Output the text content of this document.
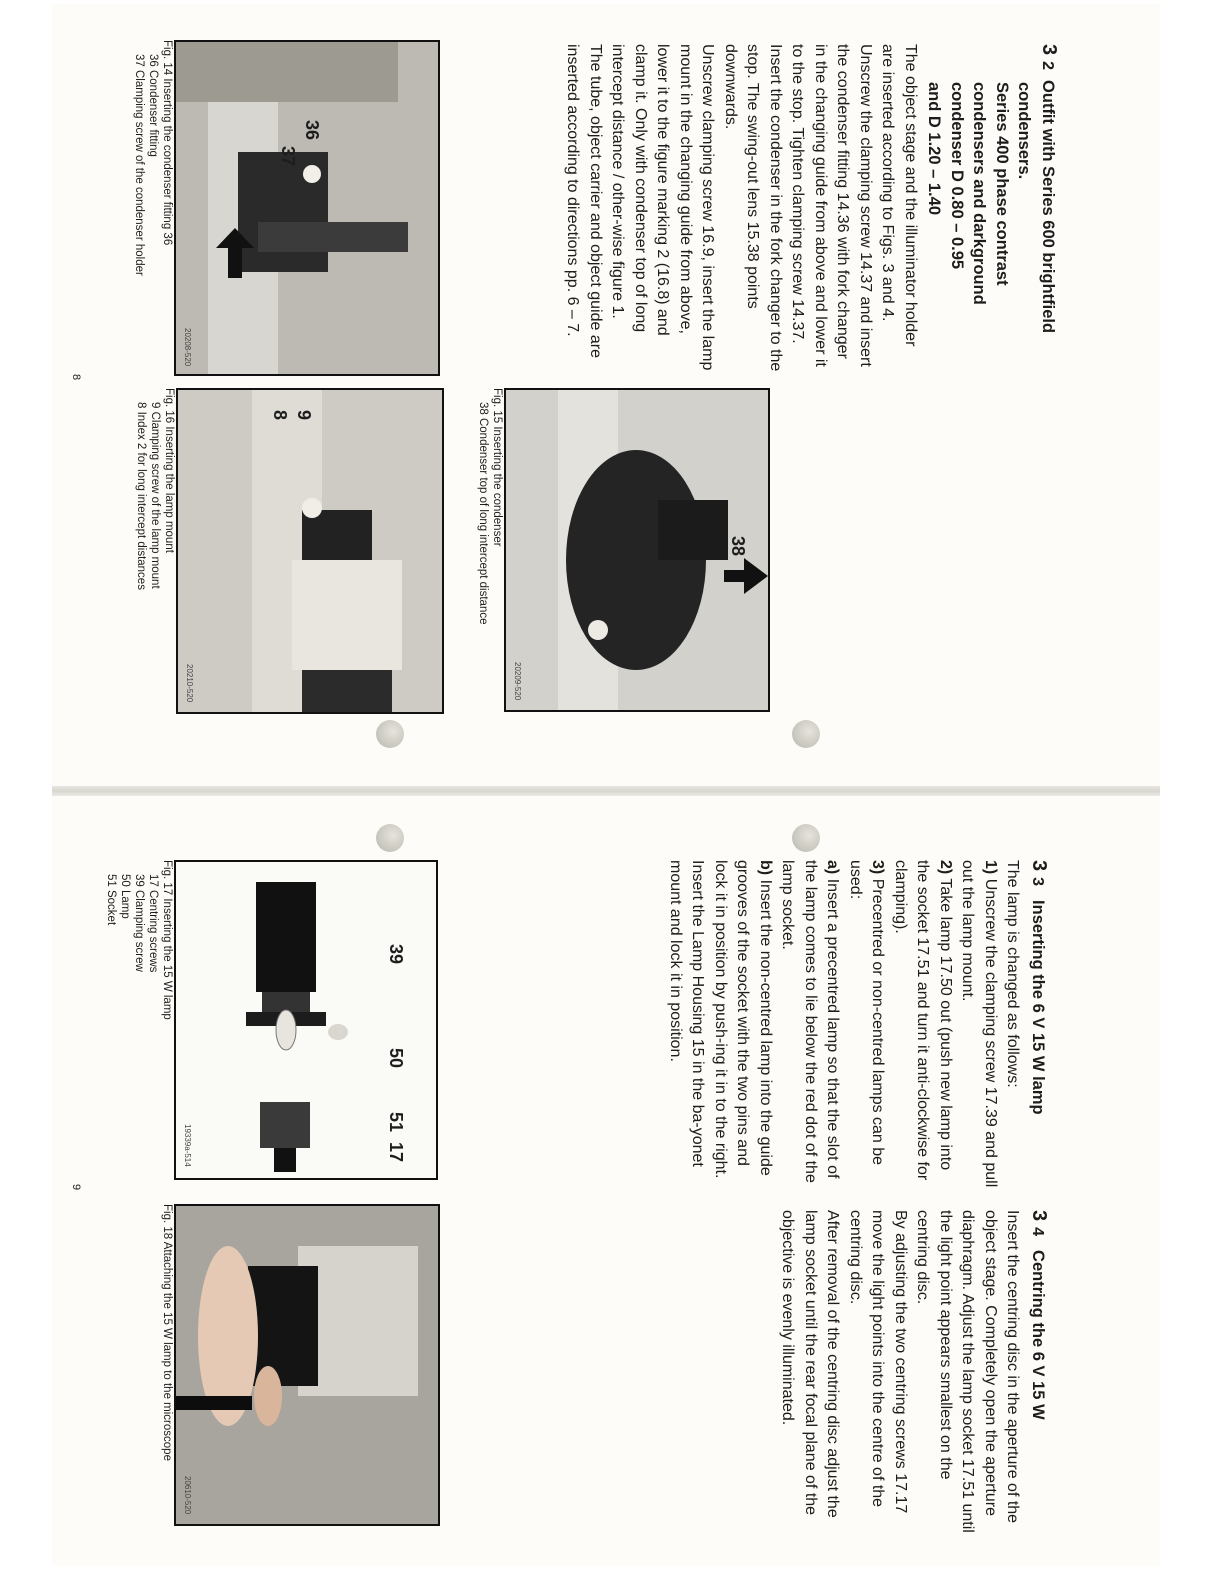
32Outfit with Series 600 brightfield
condensers.
Series 400 phase contrast
condensers and darkground
condenser D 0.80 – 0.95
and D 1.20 – 1.40

The object stage and the illuminator holder are inserted according to Figs. 3 and 4.

Unscrew the clamping screw 14.37 and insert the condenser fitting 14.36 with fork changer in the changing guide from above and lower it to the stop. Tighten clamping screw 14.37.

Insert the condenser in the fork changer to the stop. The swing-out lens 15.38 points downwards.

Unscrew clamping screw 16.9, insert the lamp mount in the changing guide from above, lower it to the figure marking 2 (16.8) and clamp it. Only with condenser top of long intercept distance / other-wise figure 1.

The tube, object carrier and object guide are inserted according to directions pp. 6 – 7.

36
37
20208-520
Fig. 14 Inserting the condenser fitting 36
36 Condenser fitting
37 Clamping screw of the condenser holder
38
20209-520
Fig. 15 Inserting the condenser
38 Condenser top of long intercept distance
9
8
20210-520
Fig. 16 Inserting the lamp mount
9 Clamping screw of the lamp mount
8 Index 2 for long intercept distances
8
33Inserting the 6 V 15 W lamp

The lamp is changed as follows:

1) Unscrew the clamping screw 17.39 and pull out the lamp mount.

2) Take lamp 17.50 out (push new lamp into the socket 17.51 and turn it anti-clockwise for clamping).

3) Precentred or non-centred lamps can be used:

a) Insert a precentred lamp so that the slot of the lamp comes to lie below the red dot of the lamp socket.

b) Insert the non-centred lamp into the guide grooves of the socket with the two pins and lock it in position by push-ing it in to the right.

Insert the Lamp Housing 15 in the ba-yonet mount and lock it in position.

39
50
51
17
19339a-514
Fig. 17 Inserting the 15 W lamp
17 Centring screws
39 Clamping screw
50 Lamp
51 Socket
9
34Centring the 6 V 15 W

Insert the centring disc in the aperture of the object stage. Completely open the aperture diaphragm. Adjust the lamp socket 17.51 until the light point appears smallest on the centring disc.

By adjusting the two centring screws 17.17 move the light points into the centre of the centring disc.

After removal of the centring disc adjust the lamp socket until the rear focal plane of the objective is evenly illuminated.

20610-520
Fig. 18 Attaching the 15 W lamp to the microscope
